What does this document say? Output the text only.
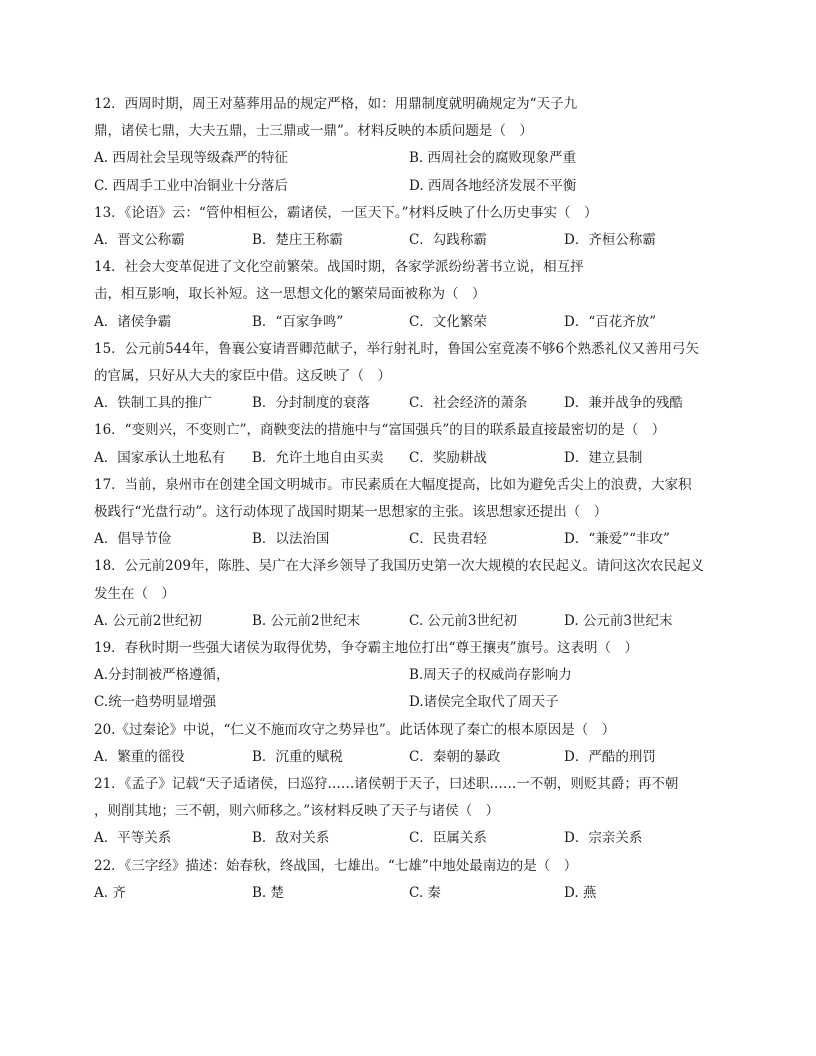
12．西周时期，周王对墓葬用品的规定严格，如：用鼎制度就明确规定为“天子九
鼎，诸侯七鼎，大夫五鼎，士三鼎或一鼎”。材料反映的本质问题是（　）
A. 西周社会呈现等级森严的特征	B. 西周社会的腐败现象严重
C. 西周手工业中冶铜业十分落后	D. 西周各地经济发展不平衡
13．《论语》云：“管仲相桓公，霸诸侯，一匡天下。”材料反映了什么历史事实（　）
A．晋文公称霸	B．楚庄王称霸	C．勾践称霸	D．齐桓公称霸
14．社会大变革促进了文化空前繁荣。战国时期，各家学派纷纷著书立说，相互抨
击，相互影响，取长补短。这一思想文化的繁荣局面被称为（　）
A．诸侯争霸	B．“百家争鸣”	C．文化繁荣	D．“百花齐放”
15．公元前544年，鲁襄公宴请晋卿范献子，举行射礼时，鲁国公室竟凑不够6个熟悉礼仪又善用弓矢
的官属，只好从大夫的家臣中借。这反映了（　）
A．铁制工具的推广	B．分封制度的衰落	C．社会经济的萧条	D．兼并战争的残酷
16．“变则兴，不变则亡”，商鞅变法的措施中与“富国强兵”的目的联系最直接最密切的是（　）
A．国家承认土地私有 B．允许土地自由买卖 C．奖励耕战	D．建立县制
17．当前，泉州市在创建全国文明城市。市民素质在大幅度提高，比如为避免舌尖上的浪费，大家积
极践行“光盘行动”。这行动体现了战国时期某一思想家的主张。该思想家还提出（　）
A．倡导节俭	B．以法治国	C．民贵君轻	D．“兼爱”“非攻”
18．公元前209年，陈胜、吴广在大泽乡领导了我国历史第一次大规模的农民起义。请问这次农民起义
发生在（　）
A. 公元前2世纪初	B. 公元前2世纪末	C. 公元前3世纪初	D. 公元前3世纪末
19．春秋时期一些强大诸侯为取得优势，争夺霸主地位打出“尊王攘夷”旗号。这表明（　）
A.分封制被严格遵循，	B.周天子的权威尚存影响力
C.统一趋势明显增强	D.诸侯完全取代了周天子
20.《过秦论》中说，“仁义不施而攻守之势异也”。此话体现了秦亡的根本原因是（　）
A．繁重的徭役	B．沉重的赋税	C．秦朝的暴政	D．严酷的刑罚
21．《孟子》记载“天子适诸侯，曰巡狩……诸侯朝于天子，曰述职……一不朝，则贬其爵；再不朝
，则削其地；三不朝，则六师移之。”该材料反映了天子与诸侯（　）
A．平等关系	B．敌对关系	C．臣属关系	D．宗亲关系
22．《三字经》描述：始春秋，终战国，七雄出。“七雄”中地处最南边的是（　）
A. 齐	B. 楚	C. 秦	D. 燕
